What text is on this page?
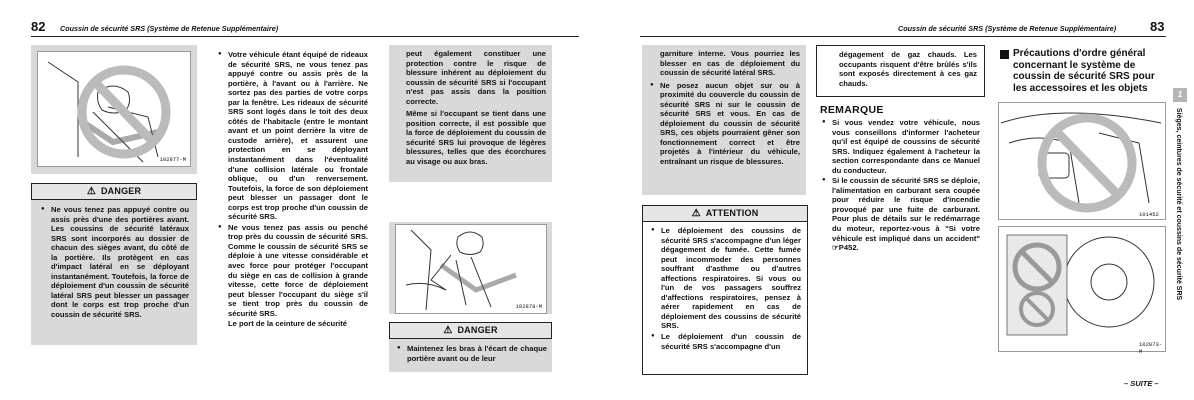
82 Coussin de sécurité SRS (Système de Retenue Supplémentaire)
102877-M
⚠ DANGER
● Ne vous tenez pas appuyé contre ou assis près d'une des portières avant. Les coussins de sécurité latéraux SRS sont incorporés au dossier de chacun des sièges avant, du côté de la portière. Ils protègent en cas d'impact latéral en se déployant instantanément. Toutefois, la force de déploiement d'un coussin de sécurité latéral SRS peut blesser un passager dont le corps est trop proche d'un coussin de sécurité SRS.
● Votre véhicule étant équipé de rideaux de sécurité SRS, ne vous tenez pas appuyé contre ou assis près de la portière, à l'avant ou à l'arrière. Ne sortez pas des parties de votre corps par la fenêtre. Les rideaux de sécurité SRS sont logés dans le toit des deux côtés de l'habitacle (entre le montant avant et un point derrière la vitre de custode arrière), et assurent une protection en se déployant instantanément dans l'éventualité d'une collision latérale ou frontale oblique, ou d'un renversement. Toutefois, la force de son déploiement peut blesser un passager dont le corps est trop proche d'un coussin de sécurité SRS.
● Ne vous tenez pas assis ou penché trop près du coussin de sécurité SRS. Comme le coussin de sécurité SRS se déploie à une vitesse considérable et avec force pour protéger l'occupant du siège en cas de collision à grande vitesse, cette force de déploiement peut blesser l'occupant du siège s'il se tient trop près du coussin de sécurité SRS.
Le port de la ceinture de sécurité
peut également constituer une protection contre le risque de blessure inhérent au déploiement du coussin de sécurité SRS si l'occupant n'est pas assis dans la position correcte.
Même si l'occupant se tient dans une position correcte, il est possible que la force de déploiement du coussin de sécurité SRS lui provoque de légères blessures, telles que des écorchures au visage ou aux bras.
102878-M
⚠ DANGER
● Maintenez les bras à l'écart de chaque portière avant ou de leur
Coussin de sécurité SRS (Système de Retenue Supplémentaire)	83
garniture interne. Vous pourriez les blesser en cas de déploiement du coussin de sécurité latéral SRS.
● Ne posez aucun objet sur ou à proximité du couvercle du coussin de sécurité SRS ni sur le coussin de sécurité SRS et vous. En cas de déploiement du coussin de sécurité SRS, ces objets pourraient gêner son fonctionnement correct et être projetés à l'intérieur du véhicule, entraînant un risque de blessures.
⚠ ATTENTION
● Le déploiement des coussins de sécurité SRS s'accompagne d'un léger dégagement de fumée. Cette fumée peut incommoder des personnes souffrant d'asthme ou d'autres affections respiratoires. Si vous ou l'un de vos passagers souffrez d'affections respiratoires, pensez à aérer rapidement en cas de déploiement des coussins de sécurité SRS.
● Le déploiement d'un coussin de sécurité SRS s'accompagne d'un
dégagement de gaz chauds. Les occupants risquent d'être brûlés s'ils sont exposés directement à ces gaz chauds.
REMARQUE
● Si vous vendez votre véhicule, nous vous conseillons d'informer l'acheteur qu'il est équipé de coussins de sécurité SRS. Indiquez également à l'acheteur la section correspondante dans ce Manuel du conducteur.
● Si le coussin de sécurité SRS se déploie, l'alimentation en carburant sera coupée pour réduire le risque d'incendie provoqué par une fuite de carburant. Pour plus de détails sur le redémarrage du moteur, reportez-vous à "Si votre véhicule est impliqué dans un accident" ☞P452.
Précautions d'ordre général concernant le système de coussin de sécurité SRS pour les accessoires et les objets
101452
102873-M
1
Sièges, ceintures de sécurité et coussins de sécurité SRS
– SUITE –
